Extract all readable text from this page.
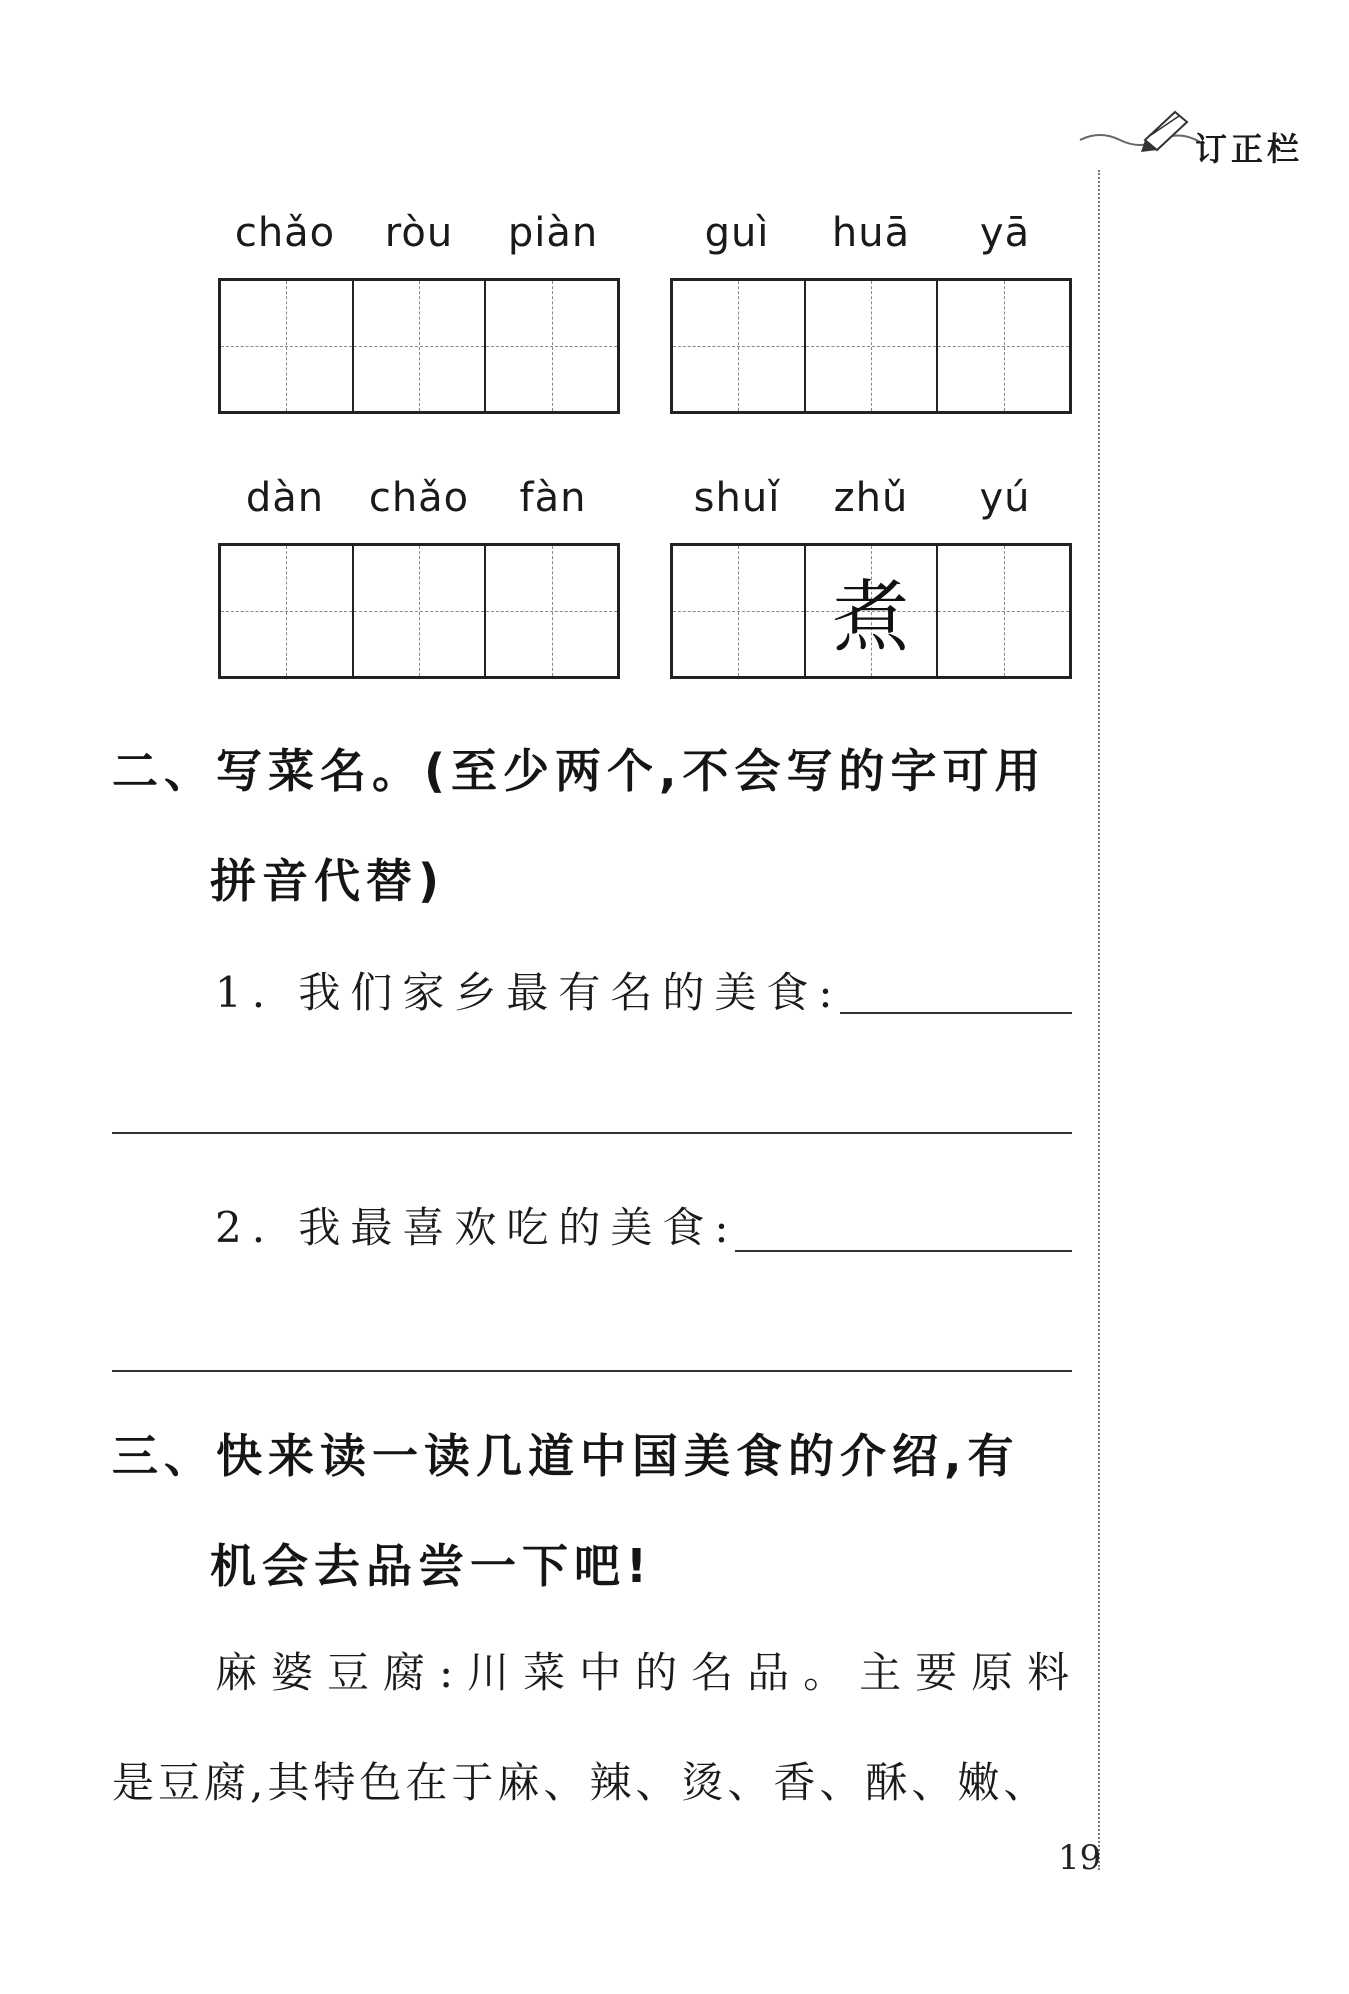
订正栏
chǎo	ròu	piàn	guì	huā	yā
dàn	chǎo	fàn	shuǐ	zhǔ	yú
煮
二、写菜名。(至少两个,不会写的字可用
拼音代替)
1. 我们家乡最有名的美食:
2. 我最喜欢吃的美食:
三、快来读一读几道中国美食的介绍,有
机会去品尝一下吧!
麻婆豆腐:川菜中的名品。主要原料
是豆腐,其特色在于麻、辣、烫、香、酥、嫩、
19
